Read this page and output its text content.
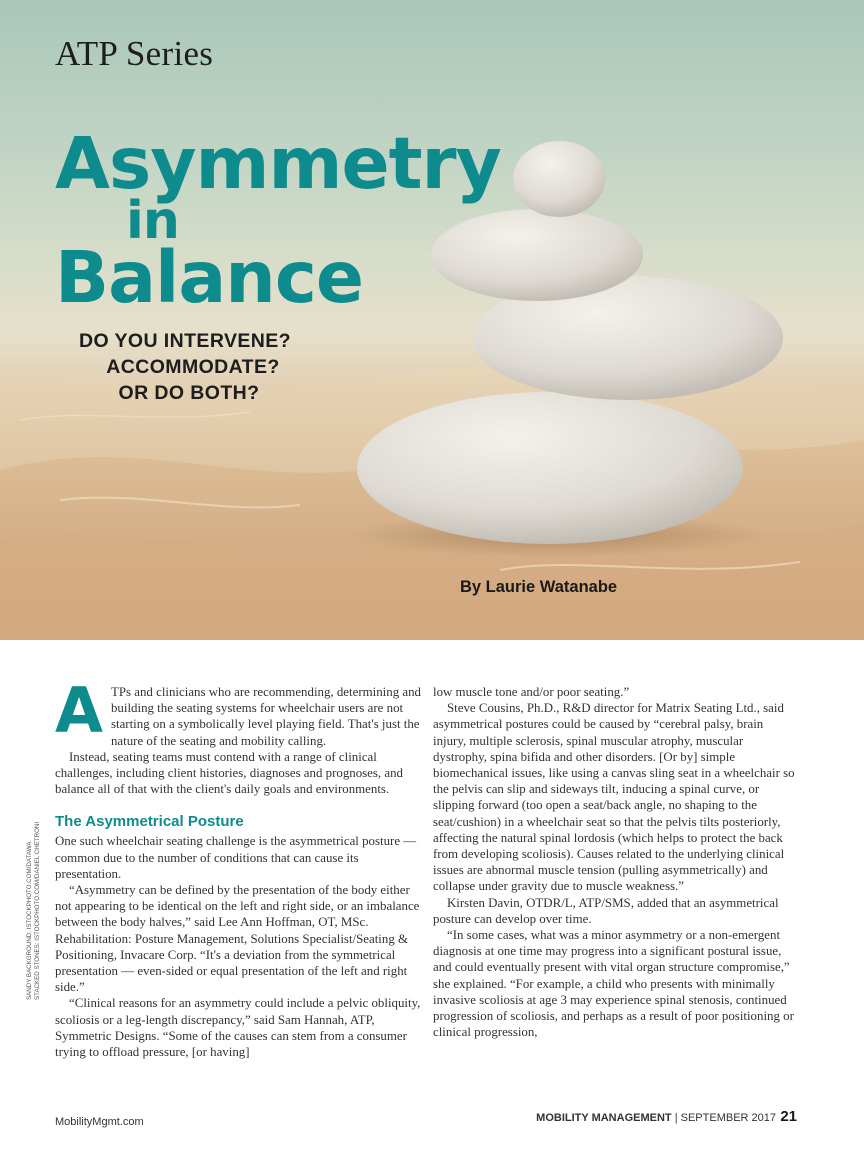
ATP Series
Asymmetry
in
Balance
DO YOU INTERVENE?
ACCOMMODATE?
OR DO BOTH?
By Laurie Watanabe
SANDY BACKGROUND: ISTOCKPHOTO.COM/DATAWA STACKED STONES: ISTOCKPHOTO.COM/DANIEL CHETRONI
A TPs and clinicians who are recommending, determining and building the seating systems for wheelchair users are not starting on a symbolically level playing field. That's just the nature of the seating and mobility calling.

Instead, seating teams must contend with a range of clinical challenges, including client histories, diagnoses and prognoses, and balance all of that with the client's daily goals and environments.

The Asymmetrical Posture

One such wheelchair seating challenge is the asymmetrical posture — common due to the number of conditions that can cause its presentation.

“Asymmetry can be defined by the presentation of the body either not appearing to be identical on the left and right side, or an imbalance between the body halves,” said Lee Ann Hoffman, OT, MSc. Rehabilitation: Posture Management, Solutions Specialist/Seating & Positioning, Invacare Corp. “It's a deviation from the symmetrical presentation — even-sided or equal presentation of the left and right side.”

“Clinical reasons for an asymmetry could include a pelvic obliquity, scoliosis or a leg-length discrepancy,” said Sam Hannah, ATP, Symmetric Designs. “Some of the causes can stem from a consumer trying to offload pressure, [or having]

low muscle tone and/or poor seating.”

Steve Cousins, Ph.D., R&D director for Matrix Seating Ltd., said asymmetrical postures could be caused by “cerebral palsy, brain injury, multiple sclerosis, spinal muscular atrophy, muscular dystrophy, spina bifida and other disorders. [Or by] simple biomechanical issues, like using a canvas sling seat in a wheelchair so the pelvis can slip and sideways tilt, inducing a spinal curve, or slipping forward (too open a seat/back angle, no shaping to the seat/cushion) in a wheelchair seat so that the pelvis tilts posteriorly, affecting the natural spinal lordosis (which helps to protect the back from developing scoliosis). Causes related to the underlying clinical issues are abnormal muscle tension (pulling asymmetrically) and collapse under gravity due to muscle weakness.”

Kirsten Davin, OTDR/L, ATP/SMS, added that an asymmetrical posture can develop over time.

“In some cases, what was a minor asymmetry or a non-emergent diagnosis at one time may progress into a significant postural issue, and could eventually present with vital organ structure compromise,” she explained. “For example, a child who presents with minimally invasive scoliosis at age 3 may experience spinal stenosis, continued progression of scoliosis, and perhaps as a result of poor positioning or clinical progression,

MobilityMgmt.com	MOBILITY MANAGEMENT | SEPTEMBER 2017 21
